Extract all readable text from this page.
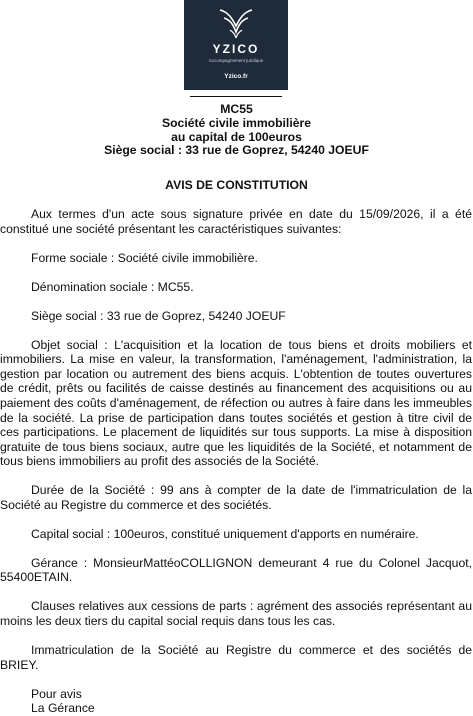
YZICO
Accompagnement juridique
Yzico.fr
MC55
Société civile immobilière
au capital de 100euros
Siège social : 33 rue de Goprez, 54240 JOEUF
AVIS DE CONSTITUTION

Aux termes d'un acte sous signature privée en date du 15/09/2026, il a été constitué une société présentant les caractéristiques suivantes:

Forme sociale : Société civile immobilière.

Dénomination sociale : MC55.

Siège social : 33 rue de Goprez, 54240 JOEUF

Objet social : L'acquisition et la location de tous biens et droits mobiliers et immobiliers. La mise en valeur, la transformation, l'aménagement, l'administration, la gestion par location ou autrement des biens acquis. L'obtention de toutes ouvertures de crédit, prêts ou facilités de caisse destinés au financement des acquisitions ou au paiement des coûts d'aménagement, de réfection ou autres à faire dans les immeubles de la société. La prise de participation dans toutes sociétés et gestion à titre civil de ces participations. Le placement de liquidités sur tous supports. La mise à disposition gratuite de tous biens sociaux, autre que les liquidités de la Société, et notamment de tous biens immobiliers au profit des associés de la Société.

Durée de la Société : 99 ans à compter de la date de l'immatriculation de la Société au Registre du commerce et des sociétés.

Capital social : 100euros, constitué uniquement d'apports en numéraire.

Gérance : MonsieurMattéoCOLLIGNON demeurant 4 rue du Colonel Jacquot, 55400ETAIN.

Clauses relatives aux cessions de parts : agrément des associés représentant au moins les deux tiers du capital social requis dans tous les cas.

Immatriculation de la Société au Registre du commerce et des sociétés de BRIEY.

Pour avis

La Gérance
